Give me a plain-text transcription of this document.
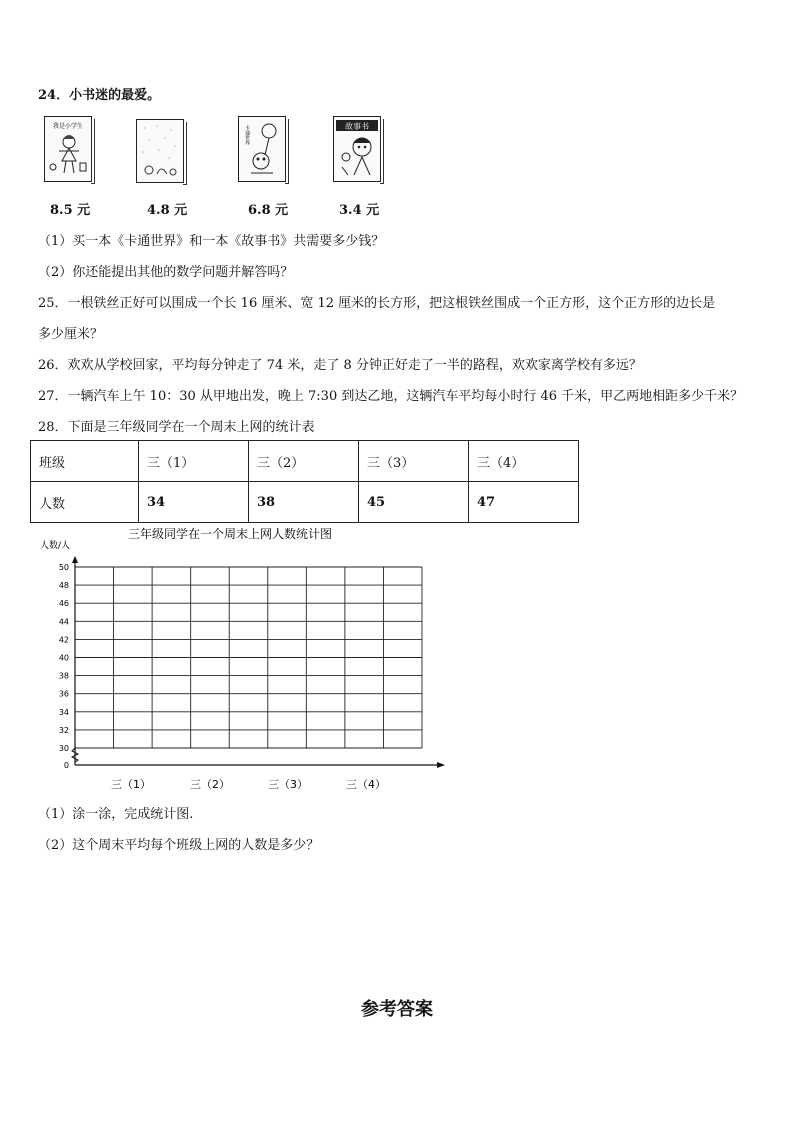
24．小书迷的最爱。
我是小学生	卡通世界	故事书
8.5 元	4.8 元	6.8 元	3.4 元
（1）买一本《卡通世界》和一本《故事书》共需要多少钱？
（2）你还能提出其他的数学问题并解答吗？
25．一根铁丝正好可以围成一个长 16 厘米、宽 12 厘米的长方形，把这根铁丝围成一个正方形，这个正方形的边长是
多少厘米？
26．欢欢从学校回家，平均每分钟走了 74 米，走了 8 分钟正好走了一半的路程，欢欢家离学校有多远？
27．一辆汽车上午 10：30 从甲地出发，晚上 7:30 到达乙地，这辆汽车平均每小时行 46 千米，甲乙两地相距多少千米？
28．下面是三年级同学在一个周末上网的统计表
班级	三（1）	三（2）	三（3）	三（4）
人数	34	38	45	47
三年级同学在一个周末上网人数统计图
人数/人
0
30
32
34
36
38
40
42
44
46
48
50
三（1）	三（2）	三（3）	三（4）
（1）涂一涂，完成统计图.
（2）这个周末平均每个班级上网的人数是多少？
参考答案
